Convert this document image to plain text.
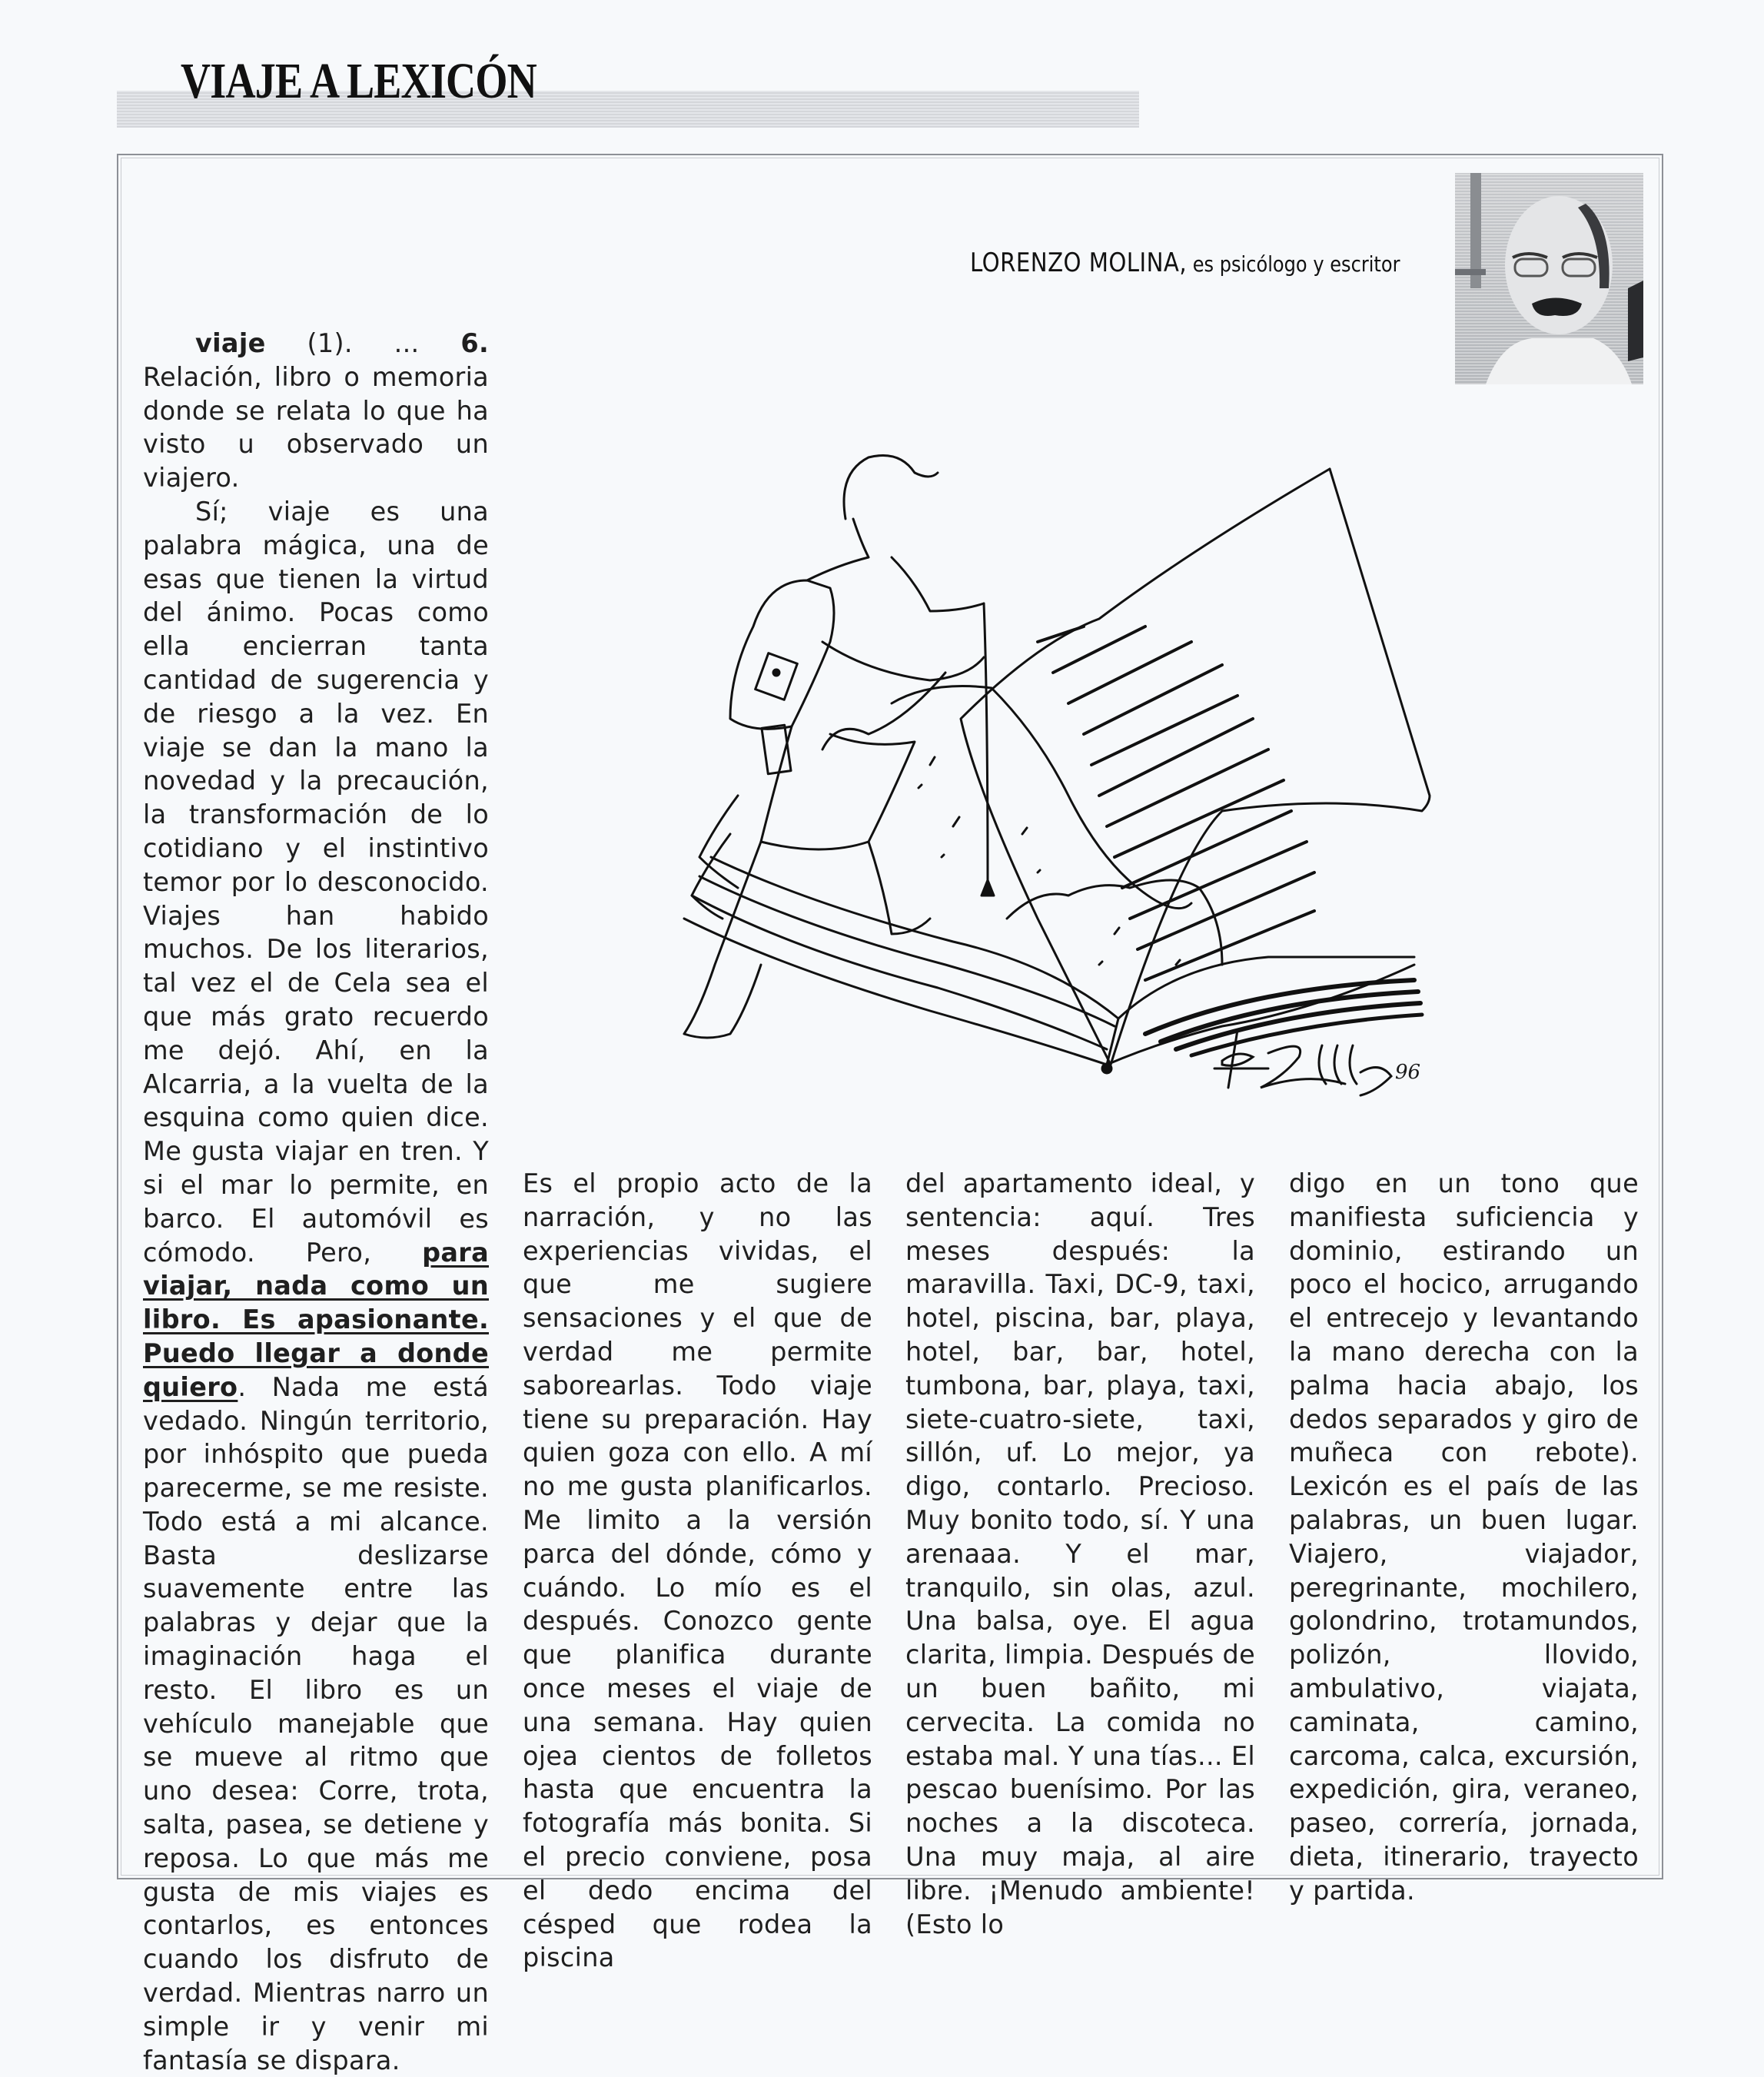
VIAJE A LEXICÓN
LORENZO MOLINA, es psicólogo y escritor

viaje (1). ... 6. Relación, libro o memoria donde se relata lo que ha visto u observado un viajero.

Sí; viaje es una palabra mágica, una de esas que tienen la virtud del ánimo. Pocas como ella encierran tanta cantidad de sugerencia y de riesgo a la vez. En viaje se dan la mano la novedad y la precaución, la transformación de lo cotidiano y el instintivo temor por lo desconocido. Viajes han habido muchos. De los literarios, tal vez el de Cela sea el que más grato recuerdo me dejó. Ahí, en la Alcarria, a la vuelta de la esquina como quien dice. Me gusta viajar en tren. Y si el mar lo permite, en barco. El automóvil es cómodo. Pero, para viajar, nada como un libro. Es apasionante. Puedo llegar a donde quiero. Nada me está vedado. Ningún territorio, por inhóspito que pueda parecerme, se me resiste. Todo está a mi alcance. Basta deslizarse suavemente entre las palabras y dejar que la imaginación haga el resto. El libro es un vehículo manejable que se mueve al ritmo que uno desea: Corre, trota, salta, pasea, se detiene y reposa. Lo que más me gusta de mis viajes es contarlos, es entonces cuando los disfruto de verdad. Mientras narro un simple ir y venir mi fantasía se dispara.

Es el propio acto de la narración, y no las experiencias vividas, el que me sugiere sensaciones y el que de verdad me permite saborearlas. Todo viaje tiene su preparación. Hay quien goza con ello. A mí no me gusta planificarlos. Me limito a la versión parca del dónde, cómo y cuándo. Lo mío es el después. Conozco gente que planifica durante once meses el viaje de una semana. Hay quien ojea cientos de folletos hasta que encuentra la fotografía más bonita. Si el precio conviene, posa el dedo encima del césped que rodea la piscina

del apartamento ideal, y sentencia: aquí. Tres meses después: la maravilla. Taxi, DC-9, taxi, hotel, piscina, bar, playa, hotel, bar, bar, hotel, tumbona, bar, playa, taxi, siete-cuatro-siete, taxi, sillón, uf. Lo mejor, ya digo, contarlo. Precioso. Muy bonito todo, sí. Y una arenaaa. Y el mar, tranquilo, sin olas, azul. Una balsa, oye. El agua clarita, limpia. Después de un buen bañito, mi cervecita. La comida no estaba mal. Y una tías... El pescao buenísimo. Por las noches a la discoteca. Una muy maja, al aire libre. ¡Menudo ambiente! (Esto lo

digo en un tono que manifiesta suficiencia y dominio, estirando un poco el hocico, arrugando el entrecejo y levantando la mano derecha con la palma hacia abajo, los dedos separados y giro de muñeca con rebote). Lexicón es el país de las palabras, un buen lugar. Viajero, viajador, peregrinante, mochilero, golondrino, trotamundos, polizón, llovido, ambulativo, viajata, caminata, camino, carcoma, calca, excursión, expedición, gira, veraneo, paseo, correría, jornada, dieta, itinerario, trayecto y partida.

96
